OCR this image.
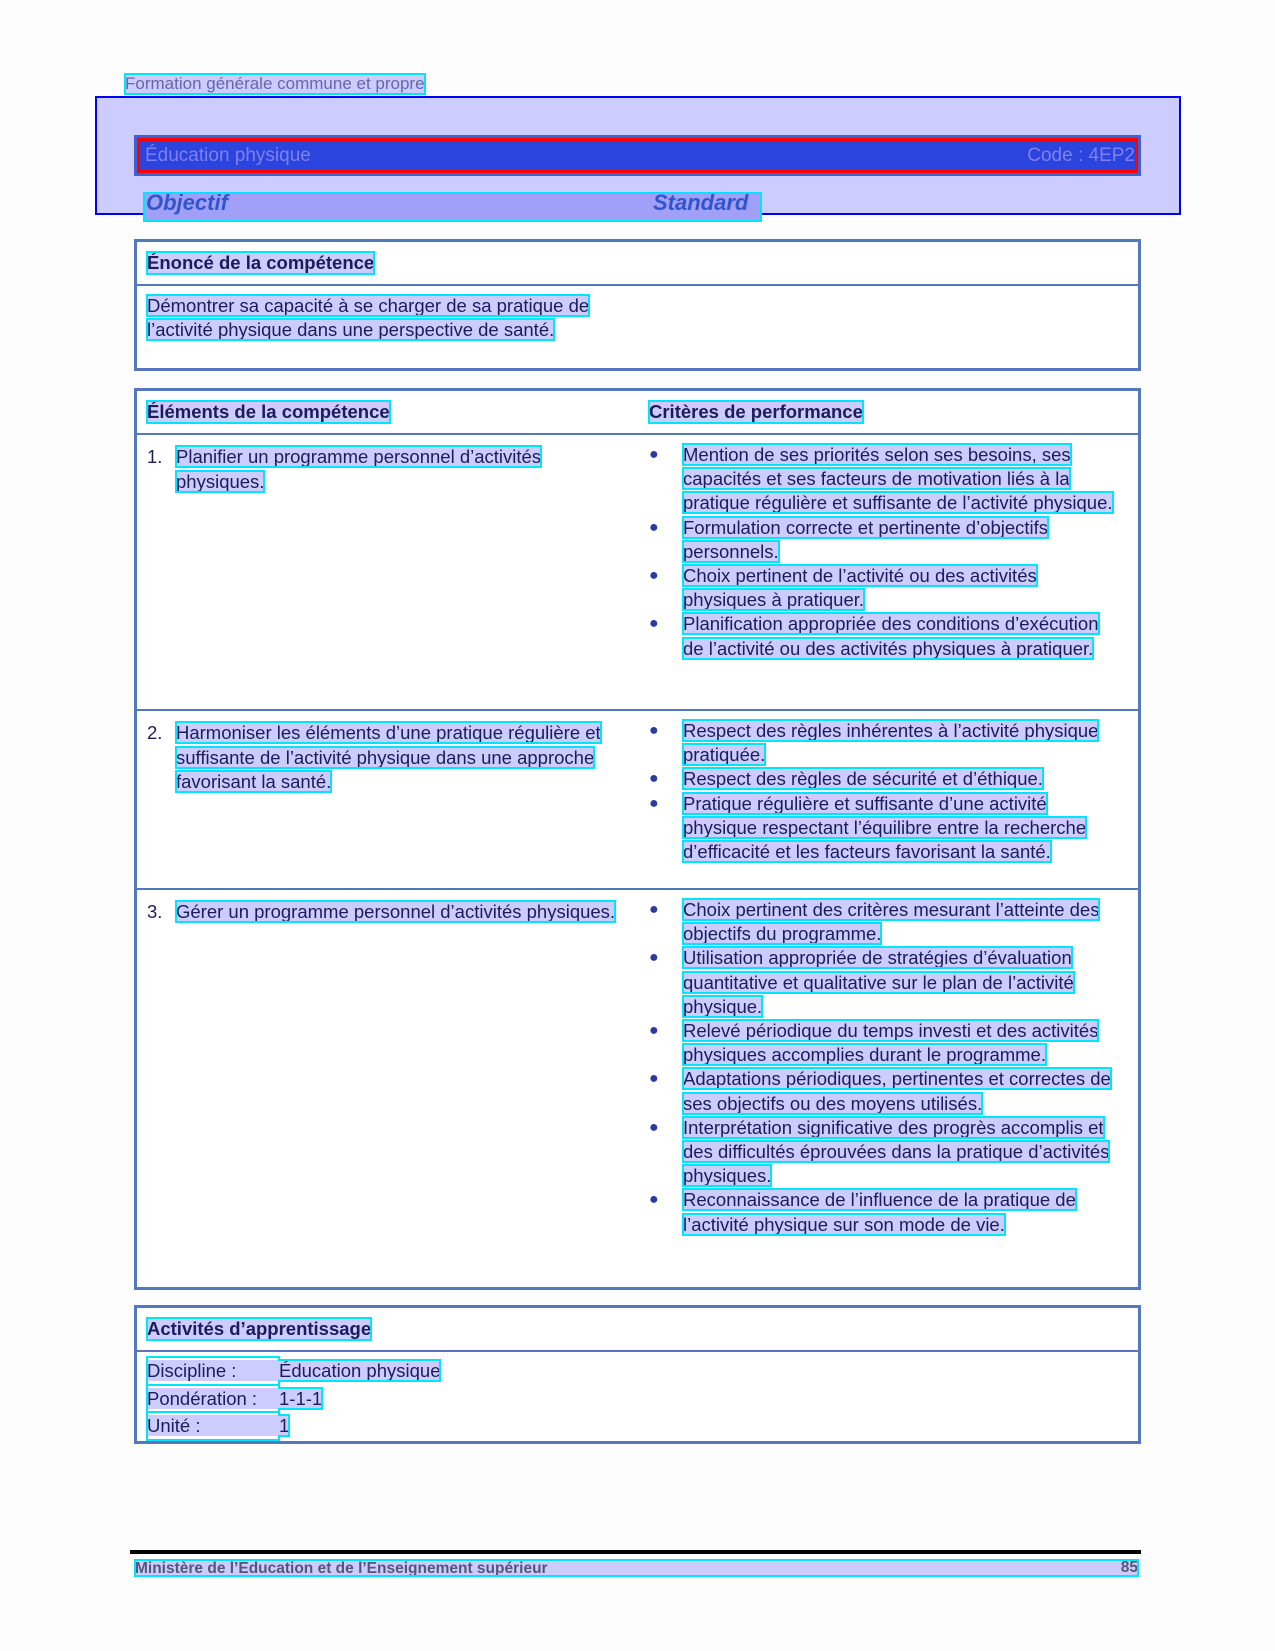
Formation générale commune et propre
Éducation physique	Code : 4EP2
Objectif	Standard
Énoncé de la compétence
Démontrer sa capacité à se charger de sa pratique de l’activité physique dans une perspective de santé.
Éléments de la compétence	Critères de performance
1. Planifier un programme personnel d’activités physiques.
● Mention de ses priorités selon ses besoins, ses capacités et ses facteurs de motivation liés à la pratique régulière et suffisante de l’activité physique.
● Formulation correcte et pertinente d’objectifs personnels.
● Choix pertinent de l’activité ou des activités physiques à pratiquer.
● Planification appropriée des conditions d’exécution de l’activité ou des activités physiques à pratiquer.
2. Harmoniser les éléments d’une pratique régulière et suffisante de l’activité physique dans une approche favorisant la santé.
● Respect des règles inhérentes à l’activité physique pratiquée.
● Respect des règles de sécurité et d’éthique.
● Pratique régulière et suffisante d’une activité physique respectant l’équilibre entre la recherche d’efficacité et les facteurs favorisant la santé.
3. Gérer un programme personnel d’activités physiques. ● Choix pertinent des critères mesurant l’atteinte des objectifs du programme.
● Utilisation appropriée de stratégies d’évaluation quantitative et qualitative sur le plan de l’activité physique.
● Relevé périodique du temps investi et des activités physiques accomplies durant le programme.
● Adaptations périodiques, pertinentes et correctes de ses objectifs ou des moyens utilisés.
● Interprétation significative des progrès accomplis et des difficultés éprouvées dans la pratique d’activités physiques.
● Reconnaissance de l’influence de la pratique de l’activité physique sur son mode de vie.
Activités d’apprentissage
Discipline : Éducation physique
Pondération : 1-1-1
Unité :	1
Ministère de l’Éducation et de l’Enseignement supérieur	85
